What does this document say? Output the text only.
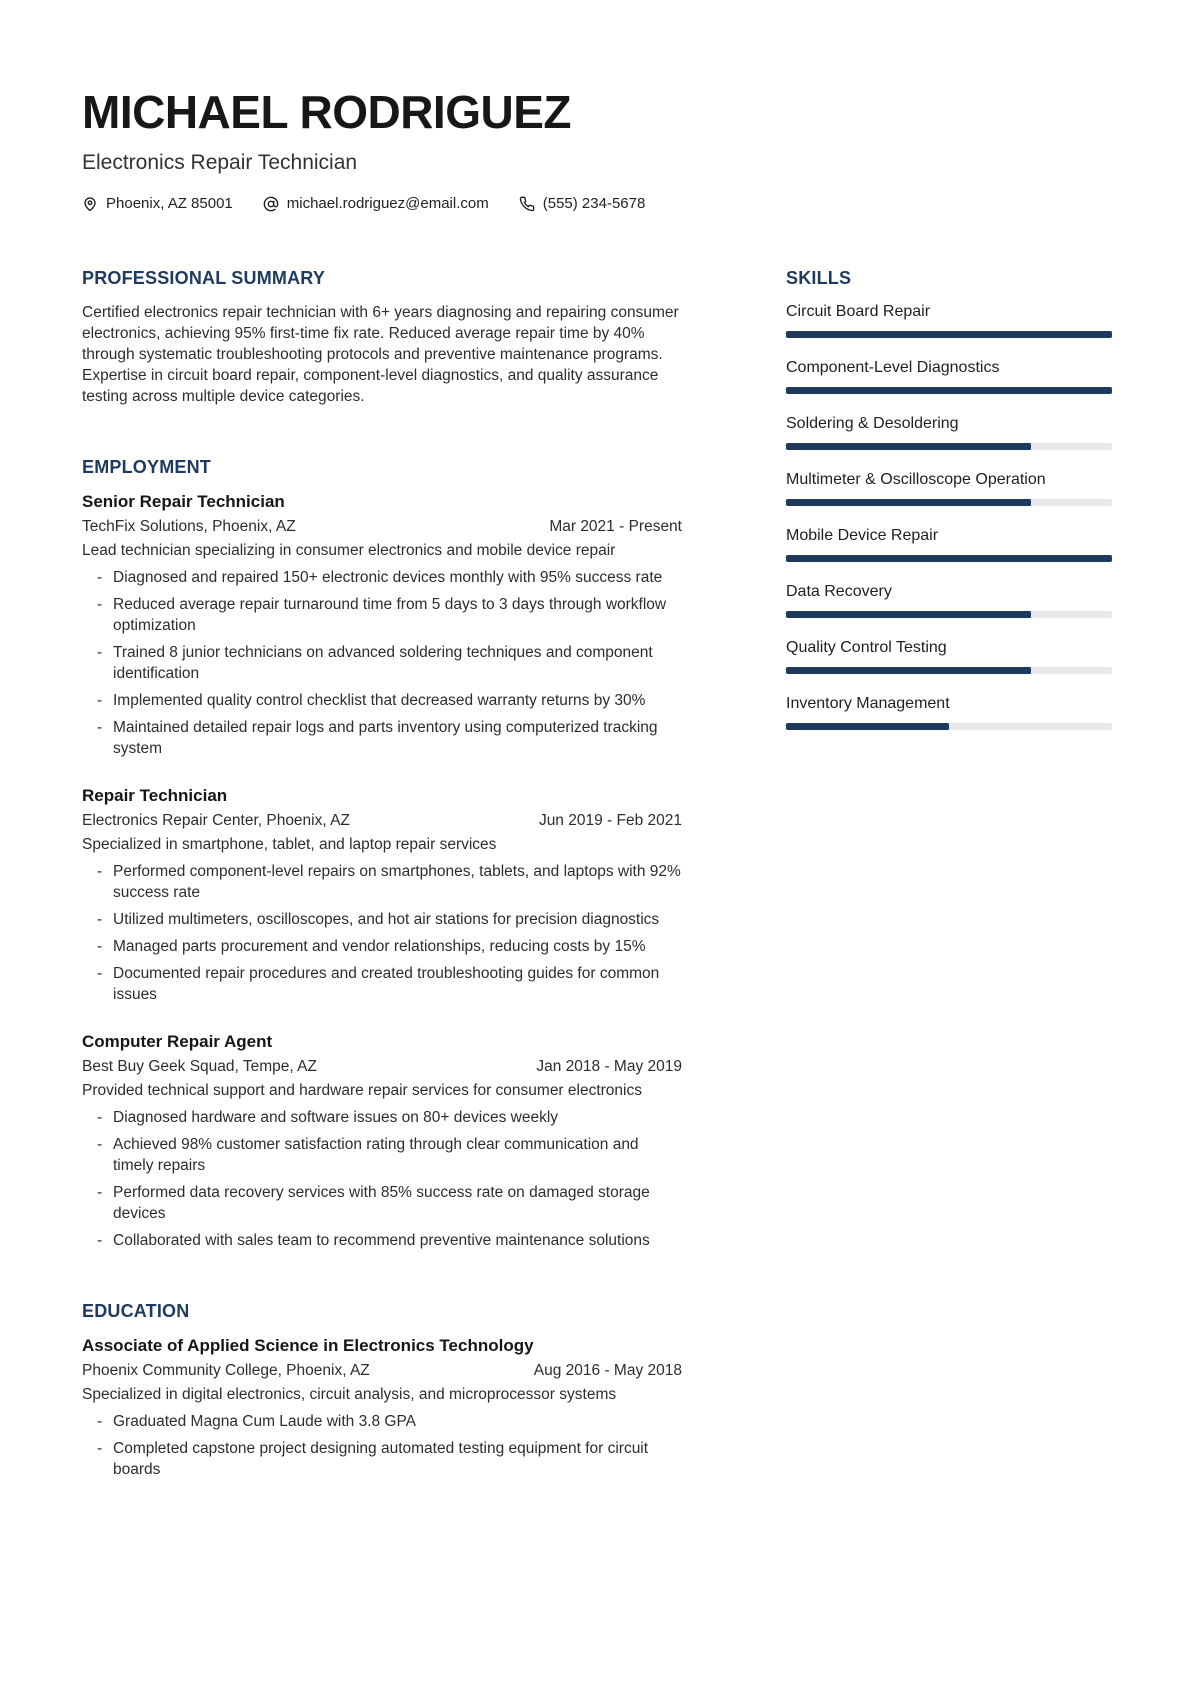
MICHAEL RODRIGUEZ
Electronics Repair Technician
Phoenix, AZ 85001	michael.rodriguez@email.com	(555) 234-5678
PROFESSIONAL SUMMARY

Certified electronics repair technician with 6+ years diagnosing and repairing consumer electronics, achieving 95% first-time fix rate. Reduced average repair time by 40% through systematic troubleshooting protocols and preventive maintenance programs. Expertise in circuit board repair, component-level diagnostics, and quality assurance testing across multiple device categories.

EMPLOYMENT
Senior Repair Technician
TechFix Solutions, Phoenix, AZ	Mar 2021 - Present
Lead technician specializing in consumer electronics and mobile device repair
-
Diagnosed and repaired 150+ electronic devices monthly with 95% success rate
-
Reduced average repair turnaround time from 5 days to 3 days through workflow optimization
-
Trained 8 junior technicians on advanced soldering techniques and component identification
-
Implemented quality control checklist that decreased warranty returns by 30%
-
Maintained detailed repair logs and parts inventory using computerized tracking system
Repair Technician
Electronics Repair Center, Phoenix, AZ	Jun 2019 - Feb 2021
Specialized in smartphone, tablet, and laptop repair services
-
Performed component-level repairs on smartphones, tablets, and laptops with 92% success rate
-
Utilized multimeters, oscilloscopes, and hot air stations for precision diagnostics
-
Managed parts procurement and vendor relationships, reducing costs by 15%
-
Documented repair procedures and created troubleshooting guides for common issues
Computer Repair Agent
Best Buy Geek Squad, Tempe, AZ	Jan 2018 - May 2019
Provided technical support and hardware repair services for consumer electronics
-
Diagnosed hardware and software issues on 80+ devices weekly
-
Achieved 98% customer satisfaction rating through clear communication and timely repairs
-
Performed data recovery services with 85% success rate on damaged storage devices
-
Collaborated with sales team to recommend preventive maintenance solutions
EDUCATION
Associate of Applied Science in Electronics Technology
Phoenix Community College, Phoenix, AZ	Aug 2016 - May 2018
Specialized in digital electronics, circuit analysis, and microprocessor systems
-
Graduated Magna Cum Laude with 3.8 GPA
-
Completed capstone project designing automated testing equipment for circuit boards
SKILLS
Circuit Board Repair
Component-Level Diagnostics
Soldering & Desoldering
Multimeter & Oscilloscope Operation
Mobile Device Repair
Data Recovery
Quality Control Testing
Inventory Management
